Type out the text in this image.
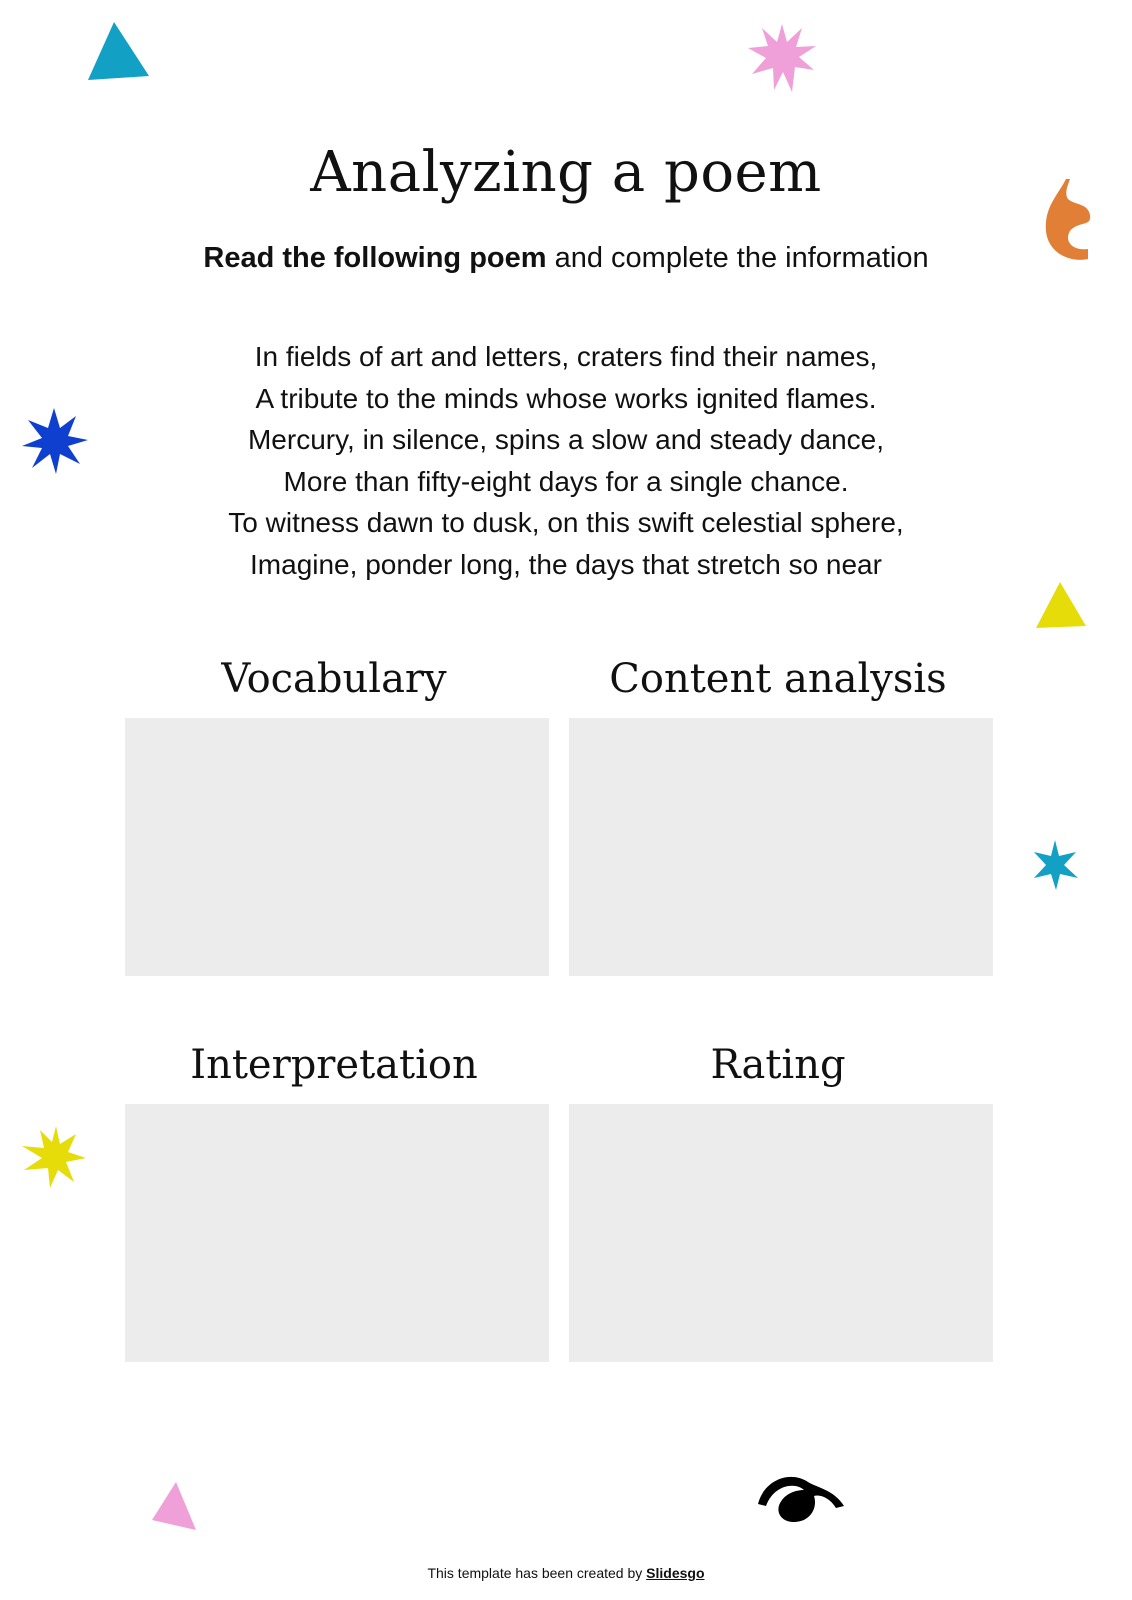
Analyzing a poem
Read the following poem and complete the information
In fields of art and letters, craters find their names,
A tribute to the minds whose works ignited flames.
Mercury, in silence, spins a slow and steady dance,
More than fifty-eight days for a single chance.
To witness dawn to dusk, on this swift celestial sphere,
Imagine, ponder long, the days that stretch so near
Vocabulary	Content analysis
Interpretation	Rating
This template has been created by Slidesgo
